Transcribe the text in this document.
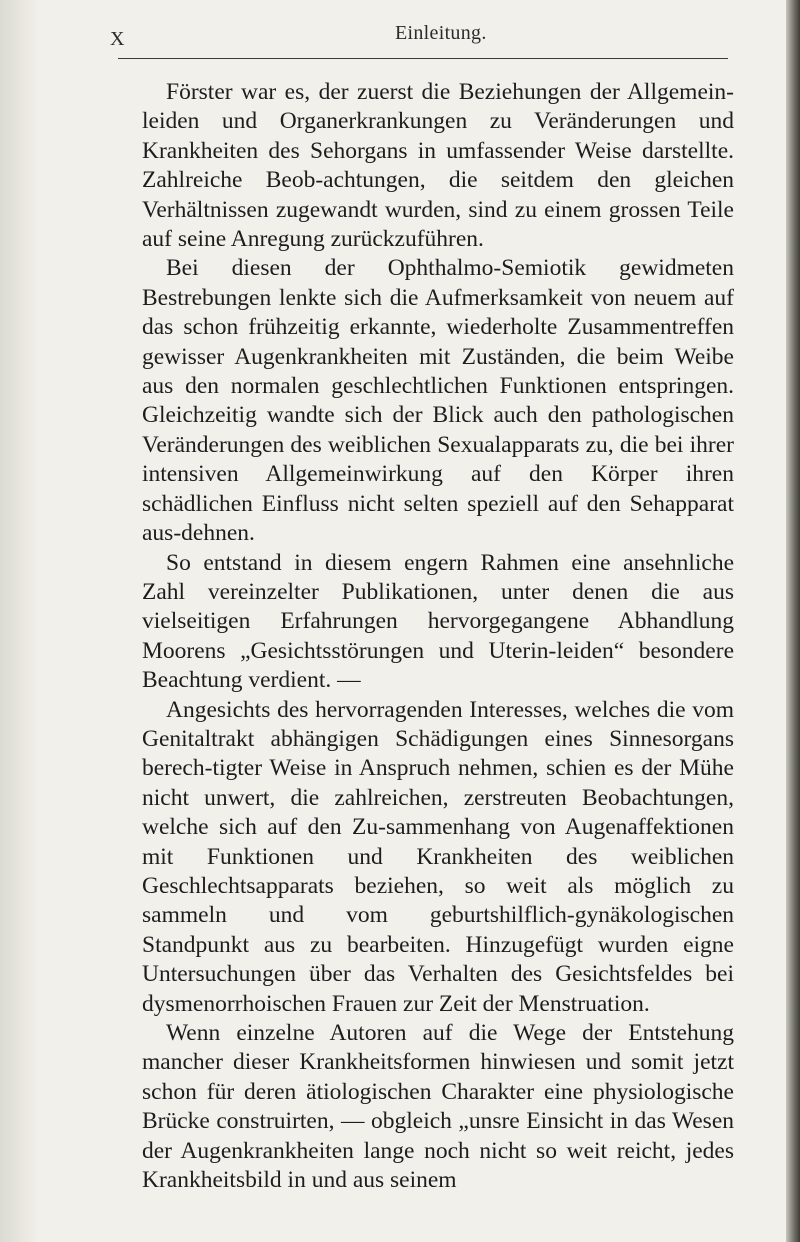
X	Einleitung.

Förster war es, der zuerst die Beziehungen der Allgemein-leiden und Organerkrankungen zu Veränderungen und Krankheiten des Sehorgans in umfassender Weise darstellte. Zahlreiche Beob-achtungen, die seitdem den gleichen Verhältnissen zugewandt wurden, sind zu einem grossen Teile auf seine Anregung zurückzuführen.

Bei diesen der Ophthalmo-Semiotik gewidmeten Bestrebungen lenkte sich die Aufmerksamkeit von neuem auf das schon frühzeitig erkannte, wiederholte Zusammentreffen gewisser Augenkrankheiten mit Zuständen, die beim Weibe aus den normalen geschlechtlichen Funktionen entspringen. Gleichzeitig wandte sich der Blick auch den pathologischen Veränderungen des weiblichen Sexualapparats zu, die bei ihrer intensiven Allgemeinwirkung auf den Körper ihren schädlichen Einfluss nicht selten speziell auf den Sehapparat aus-dehnen.

So entstand in diesem engern Rahmen eine ansehnliche Zahl vereinzelter Publikationen, unter denen die aus vielseitigen Erfahrungen hervorgegangene Abhandlung Moorens „Gesichtsstörungen und Uterin-leiden“ besondere Beachtung verdient. —

Angesichts des hervorragenden Interesses, welches die vom Genitaltrakt abhängigen Schädigungen eines Sinnesorgans berech-tigter Weise in Anspruch nehmen, schien es der Mühe nicht unwert, die zahlreichen, zerstreuten Beobachtungen, welche sich auf den Zu-sammenhang von Augenaffektionen mit Funktionen und Krankheiten des weiblichen Geschlechtsapparats beziehen, so weit als möglich zu sammeln und vom geburtshilflich-gynäkologischen Standpunkt aus zu bearbeiten. Hinzugefügt wurden eigne Untersuchungen über das Verhalten des Gesichtsfeldes bei dysmenorrhoischen Frauen zur Zeit der Menstruation.

Wenn einzelne Autoren auf die Wege der Entstehung mancher dieser Krankheitsformen hinwiesen und somit jetzt schon für deren ätiologischen Charakter eine physiologische Brücke construirten, — obgleich „unsre Einsicht in das Wesen der Augenkrankheiten lange noch nicht so weit reicht, jedes Krankheitsbild in und aus seinem
